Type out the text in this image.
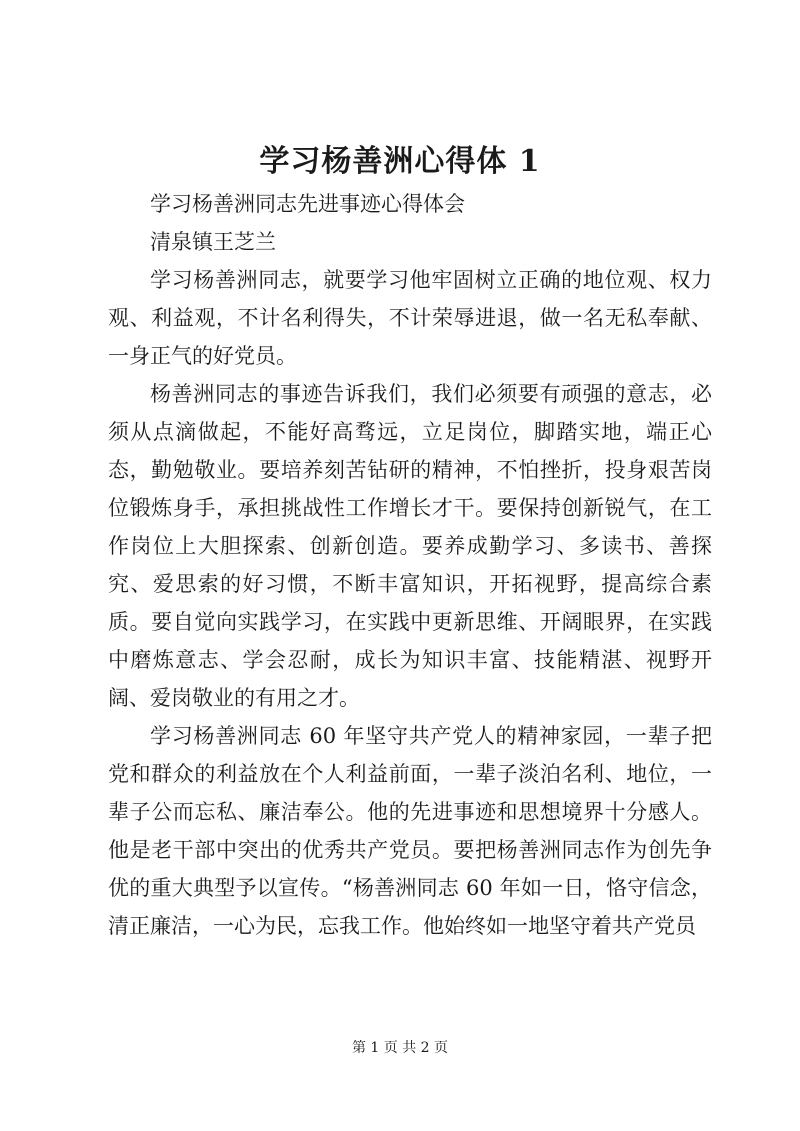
学习杨善洲心得体 1

学习杨善洲同志先进事迹心得体会

清泉镇王芝兰

学习杨善洲同志，就要学习他牢固树立正确的地位观、权力观、利益观，不计名利得失，不计荣辱进退，做一名无私奉献、一身正气的好党员。

杨善洲同志的事迹告诉我们，我们必须要有顽强的意志，必须从点滴做起，不能好高骛远，立足岗位，脚踏实地，端正心态，勤勉敬业。要培养刻苦钻研的精神，不怕挫折，投身艰苦岗位锻炼身手，承担挑战性工作增长才干。要保持创新锐气，在工作岗位上大胆探索、创新创造。要养成勤学习、多读书、善探究、爱思索的好习惯，不断丰富知识，开拓视野，提高综合素质。要自觉向实践学习，在实践中更新思维、开阔眼界，在实践中磨炼意志、学会忍耐，成长为知识丰富、技能精湛、视野开阔、爱岗敬业的有用之才。

学习杨善洲同志 60 年坚守共产党人的精神家园，一辈子把党和群众的利益放在个人利益前面，一辈子淡泊名利、地位，一辈子公而忘私、廉洁奉公。他的先进事迹和思想境界十分感人。他是老干部中突出的优秀共产党员。要把杨善洲同志作为创先争优的重大典型予以宣传。“杨善洲同志 60 年如一日，恪守信念，清正廉洁，一心为民，忘我工作。他始终如一地坚守着共产党员

第 1 页 共 2 页
